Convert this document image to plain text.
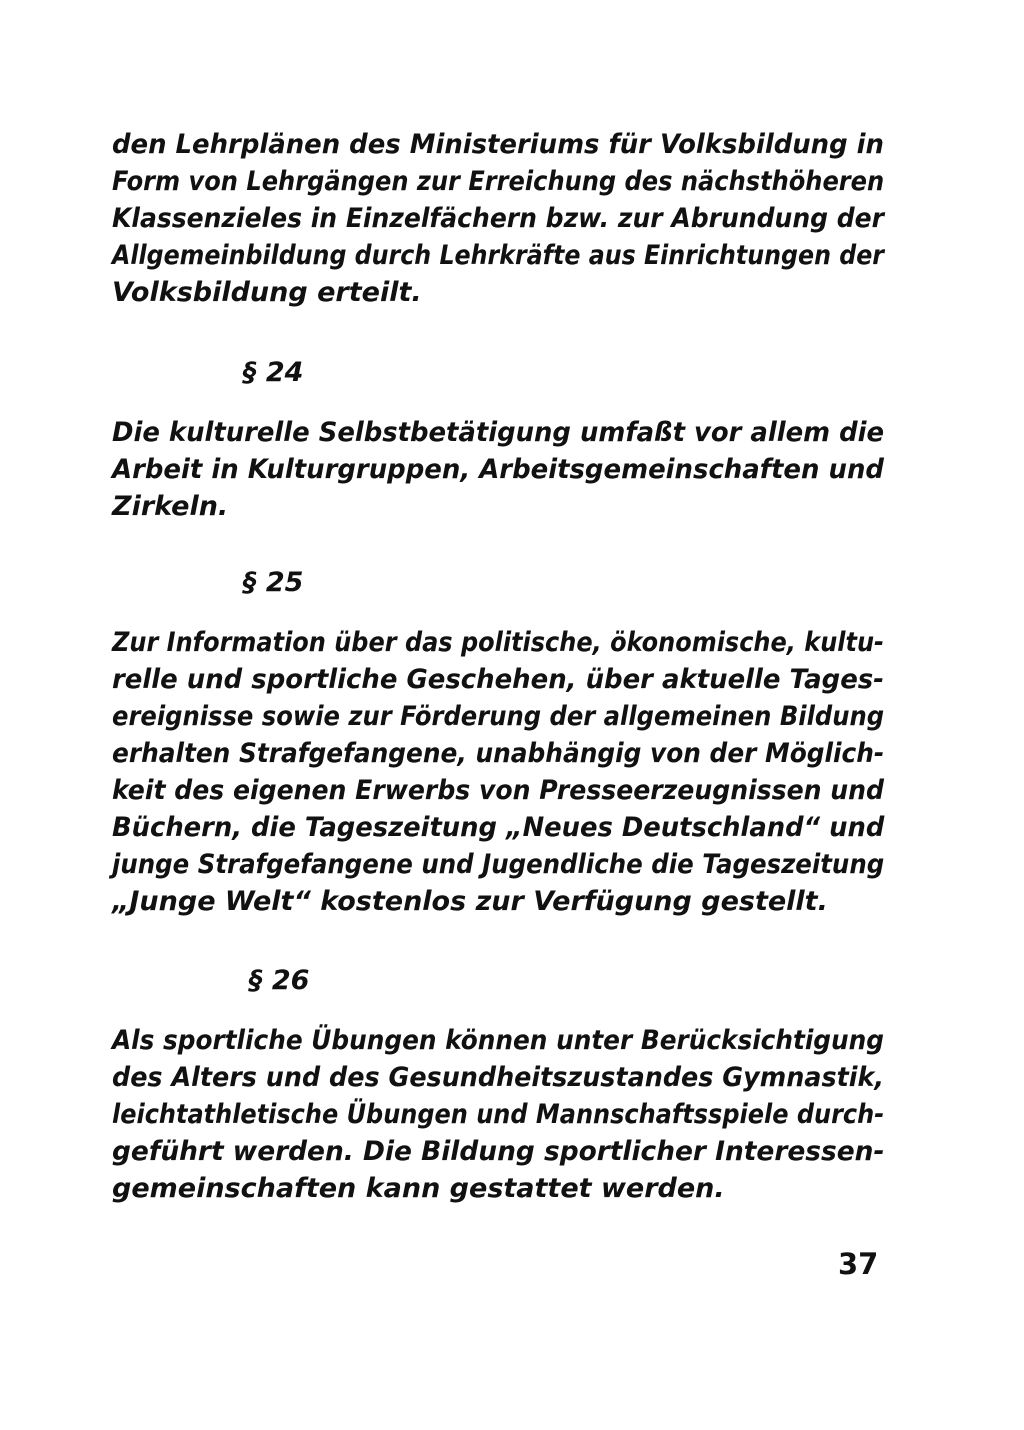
den Lehrplänen des Ministeriums für Volksbildung in
Form von Lehrgängen zur Erreichung des nächsthöheren
Klassenzieles in Einzelfächern bzw. zur Abrundung der
Allgemeinbildung durch Lehrkräfte aus Einrichtungen der
Volksbildung erteilt.
§ 24
Die kulturelle Selbstbetätigung umfaßt vor allem die
Arbeit in Kulturgruppen, Arbeitsgemeinschaften und
Zirkeln.
§ 25
Zur Information über das politische, ökonomische, kultu-
relle und sportliche Geschehen, über aktuelle Tages-
ereignisse sowie zur Förderung der allgemeinen Bildung
erhalten Strafgefangene, unabhängig von der Möglich-
keit des eigenen Erwerbs von Presseerzeugnissen und
Büchern, die Tageszeitung „Neues Deutschland“ und
junge Strafgefangene und Jugendliche die Tageszeitung
„Junge Welt“ kostenlos zur Verfügung gestellt.
§ 26
Als sportliche Übungen können unter Berücksichtigung
des Alters und des Gesundheitszustandes Gymnastik,
leichtathletische Übungen und Mannschaftsspiele durch-
geführt werden. Die Bildung sportlicher Interessen-
gemeinschaften kann gestattet werden.
37
